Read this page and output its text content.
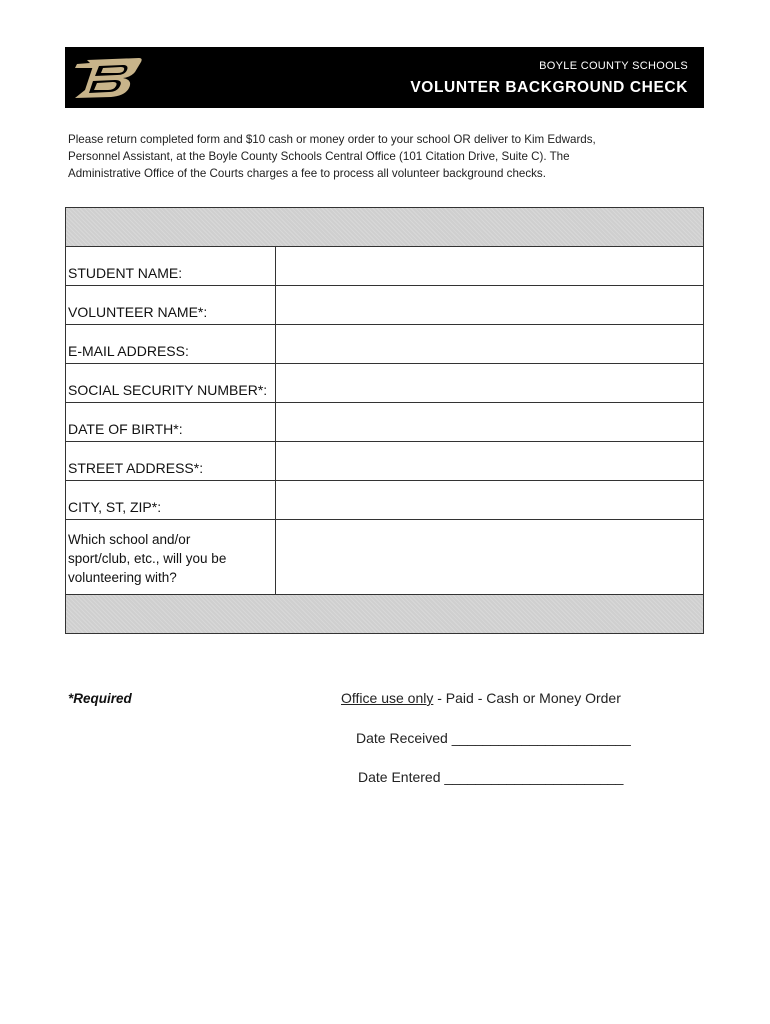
BOYLE COUNTY SCHOOLS
VOLUNTER BACKGROUND CHECK
Please return completed form and $10 cash or money order to your school OR deliver to Kim Edwards,
Personnel Assistant, at the Boyle County Schools Central Office (101 Citation Drive, Suite C). The
Administrative Office of the Courts charges a fee to process all volunteer background checks.
STUDENT NAME:
VOLUNTEER NAME*:
E-MAIL ADDRESS:
SOCIAL SECURITY NUMBER*:
DATE OF BIRTH*:
STREET ADDRESS*:
CITY, ST, ZIP*:
Which school and/or
sport/club, etc., will you be
volunteering with?
*Required	Office use only - Paid - Cash or Money Order
Date Received _______________________
Date Entered _______________________
